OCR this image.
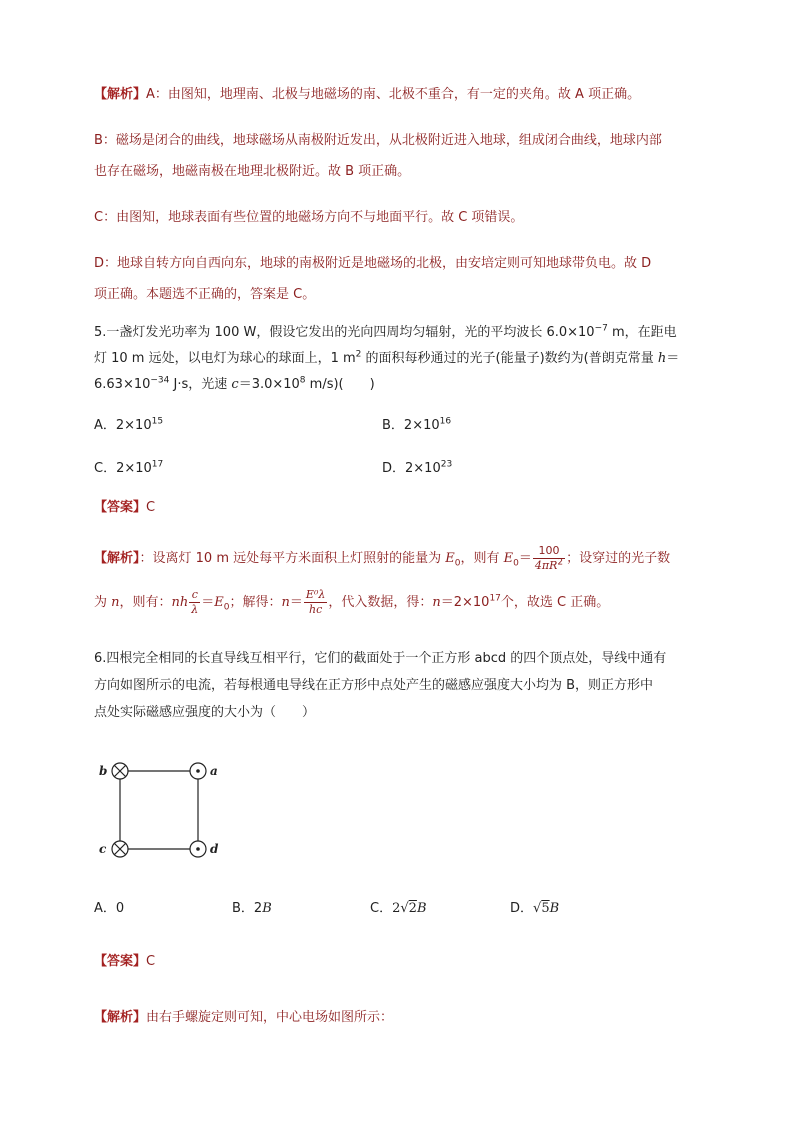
【解析】A：由图知，地理南、北极与地磁场的南、北极不重合，有一定的夹角。故 A 项正确。

B：磁场是闭合的曲线，地球磁场从南极附近发出，从北极附近进入地球，组成闭合曲线，地球内部

也存在磁场，地磁南极在地理北极附近。故 B 项正确。

C：由图知，地球表面有些位置的地磁场方向不与地面平行。故 C 项错误。

D：地球自转方向自西向东，地球的南极附近是地磁场的北极，由安培定则可知地球带负电。故 D

项正确。本题选不正确的，答案是 C。

5.一盏灯发光功率为 100 W，假设它发出的光向四周均匀辐射，光的平均波长 $6.0\times 10^{-7}$ m，在距电

灯 10 m 远处，以电灯为球心的球面上，1 $m^2$ 的面积每秒通过的光子(能量子)数约为(普朗克常量 h＝

$6.63\times 10^{-34}$ J·s，光速 $c=3.0\times 10^8$ m/s)(　　)

A．$2\times 10^{15}$	B．$2\times 10^{16}$
C．$2\times 10^{17}$	D．$2\times 10^{23}$

【答案】C

【解析】：设离灯 10 m 远处每平方米面积上灯照射的能量为 $E_0$，则有 $E_0= \frac{100}{4\pi R^2}$ ；设穿过的光子数

为 n，则有：nh $\frac{c}{\lambda} =E_0$；解得：$n= \frac{\text{E⁰λ}}{hc}$ ，代入数据，得：$n=2\times 10^{17}$个，故选 C 正确。

6.四根完全相同的长直导线互相平行，它们的截面处于一个正方形 abcd 的四个顶点处，导线中通有

方向如图所示的电流，若每根通电导线在正方形中点处产生的磁感应强度大小均为 B，则正方形中

点处实际磁感应强度的大小为（　　）

b	a
c	d
A．0	B．2B	C．2√2B	D．√5B

【答案】C

【解析】由右手螺旋定则可知，中心电场如图所示：
